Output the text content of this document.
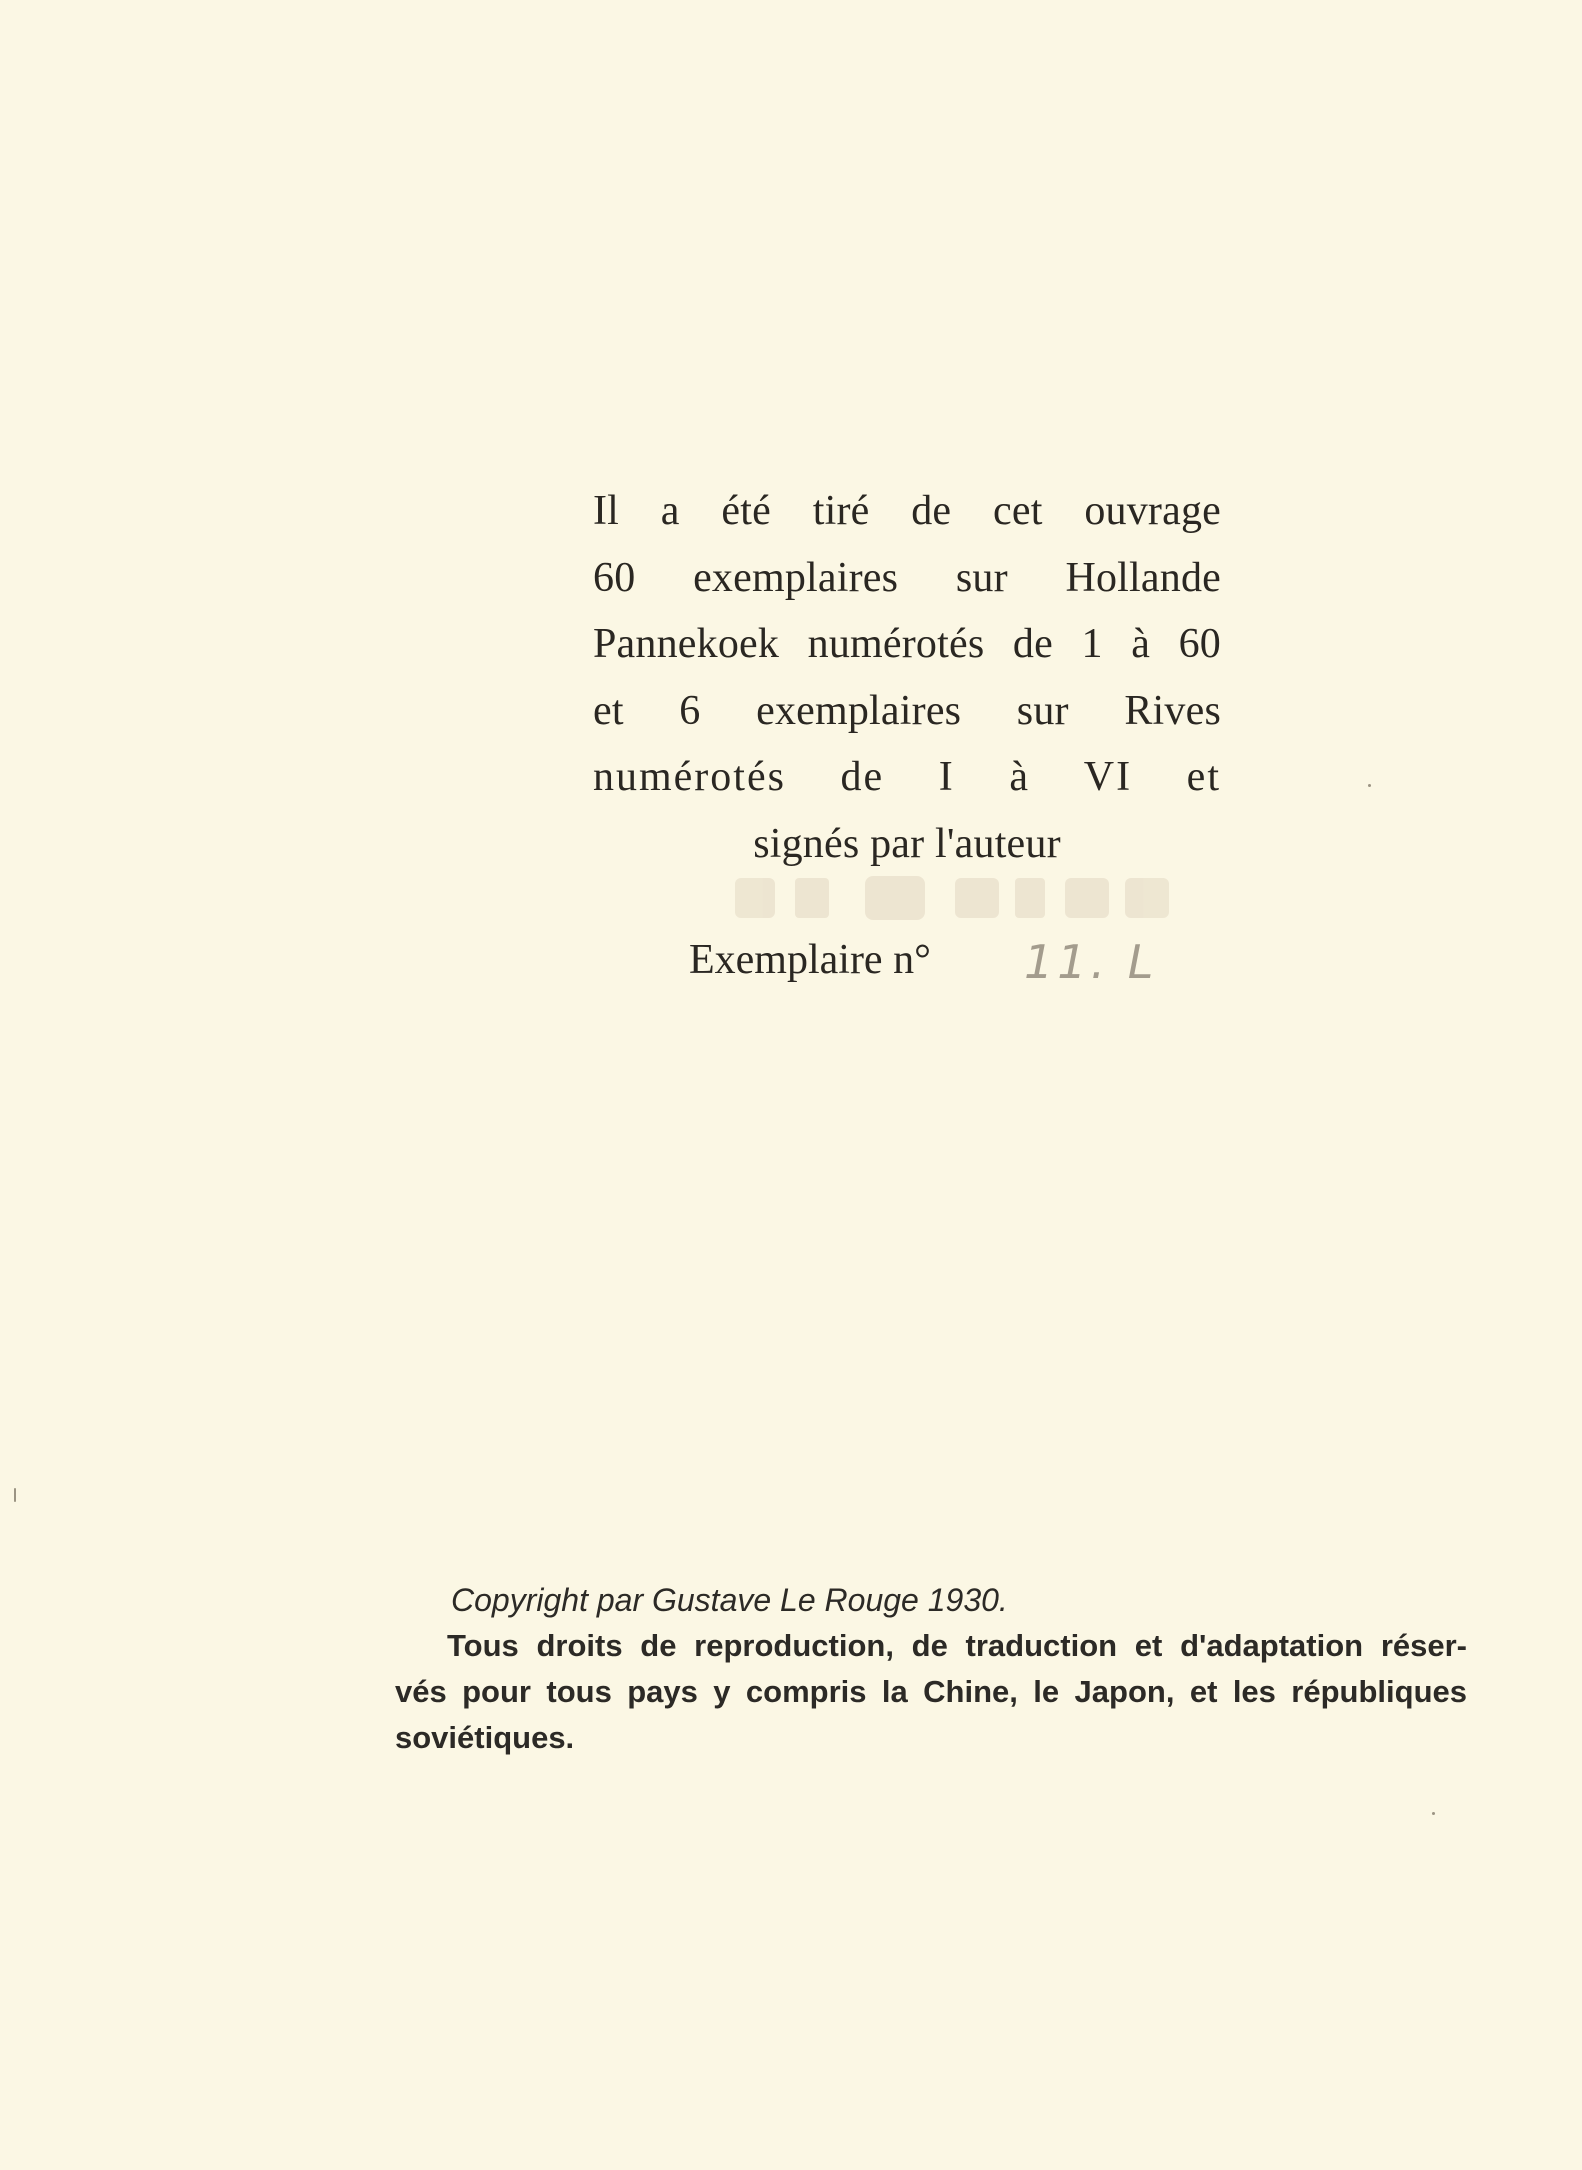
Il a été tiré de cet ouvrage
60 exemplaires sur Hollande
Pannekoek numérotés de 1 à 60
et 6 exemplaires sur Rives
numérotés de I à VI et
signés par l'auteur
Exemplaire n° 11. L
Copyright par Gustave Le Rouge 1930.
Tous droits de reproduction, de traduction et d'adaptation réser-
vés pour tous pays y compris la Chine, le Japon, et les républiques
soviétiques.
